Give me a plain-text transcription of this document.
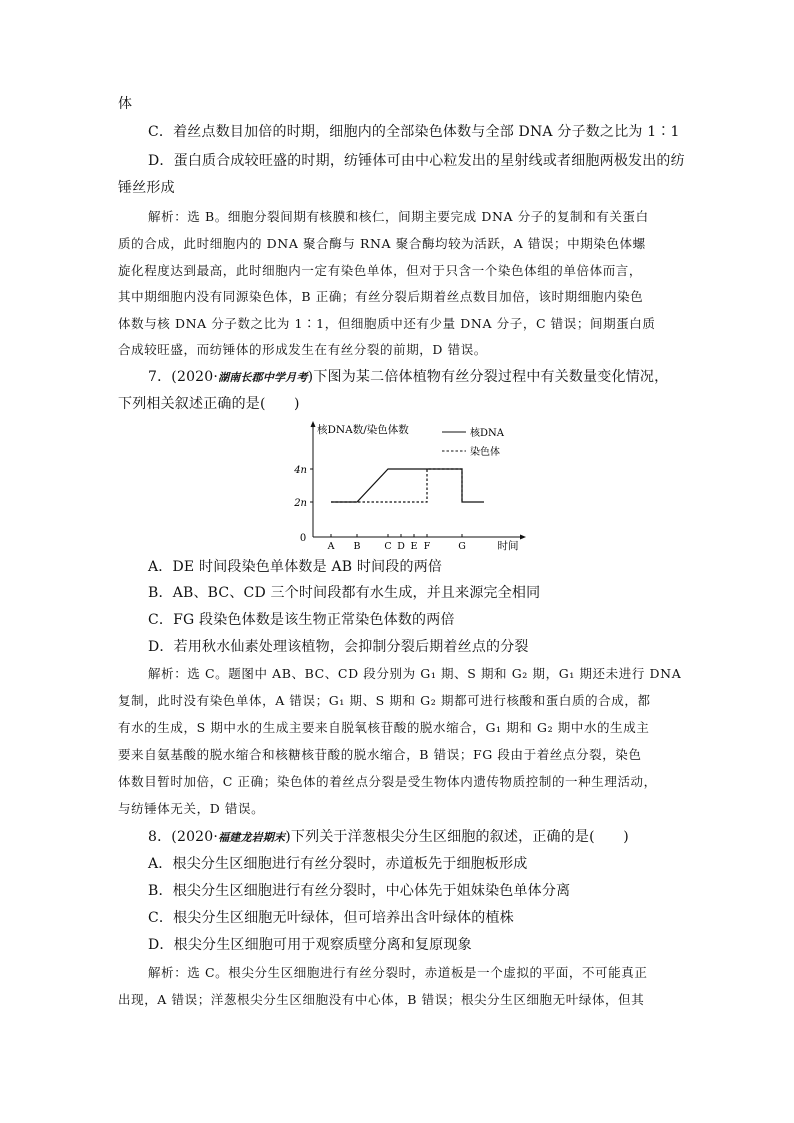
体
C．着丝点数目加倍的时期，细胞内的全部染色体数与全部 DNA 分子数之比为 1∶1
D．蛋白质合成较旺盛的时期，纺锤体可由中心粒发出的星射线或者细胞两极发出的纺
锤丝形成
解析：选 B。细胞分裂间期有核膜和核仁，间期主要完成 DNA 分子的复制和有关蛋白
质的合成，此时细胞内的 DNA 聚合酶与 RNA 聚合酶均较为活跃，A 错误；中期染色体螺
旋化程度达到最高，此时细胞内一定有染色单体，但对于只含一个染色体组的单倍体而言，
其中期细胞内没有同源染色体，B 正确；有丝分裂后期着丝点数目加倍，该时期细胞内染色
体数与核 DNA 分子数之比为 1∶1，但细胞质中还有少量 DNA 分子，C 错误；间期蛋白质
合成较旺盛，而纺锤体的形成发生在有丝分裂的前期，D 错误。
7．(2020·湖南长郡中学月考)下图为某二倍体植物有丝分裂过程中有关数量变化情况，
下列相关叙述正确的是(　　)
核DNA数/染色体数
0
时间
核DNA
染色体
2n
4n
A B	C D E F	G
A．DE 时间段染色单体数是 AB 时间段的两倍
B．AB、BC、CD 三个时间段都有水生成，并且来源完全相同
C．FG 段染色体数是该生物正常染色体数的两倍
D．若用秋水仙素处理该植物，会抑制分裂后期着丝点的分裂
解析：选 C。题图中 AB、BC、CD 段分别为 G₁ 期、S 期和 G₂ 期，G₁ 期还未进行 DNA
复制，此时没有染色单体，A 错误；G₁ 期、S 期和 G₂ 期都可进行核酸和蛋白质的合成，都
有水的生成，S 期中水的生成主要来自脱氧核苷酸的脱水缩合，G₁ 期和 G₂ 期中水的生成主
要来自氨基酸的脱水缩合和核糖核苷酸的脱水缩合，B 错误；FG 段由于着丝点分裂，染色
体数目暂时加倍，C 正确；染色体的着丝点分裂是受生物体内遗传物质控制的一种生理活动，
与纺锤体无关，D 错误。
8．(2020·福建龙岩期末)下列关于洋葱根尖分生区细胞的叙述，正确的是(　　)
A．根尖分生区细胞进行有丝分裂时，赤道板先于细胞板形成
B．根尖分生区细胞进行有丝分裂时，中心体先于姐妹染色单体分离
C．根尖分生区细胞无叶绿体，但可培养出含叶绿体的植株
D．根尖分生区细胞可用于观察质壁分离和复原现象
解析：选 C。根尖分生区细胞进行有丝分裂时，赤道板是一个虚拟的平面，不可能真正
出现，A 错误；洋葱根尖分生区细胞没有中心体，B 错误；根尖分生区细胞无叶绿体，但其
